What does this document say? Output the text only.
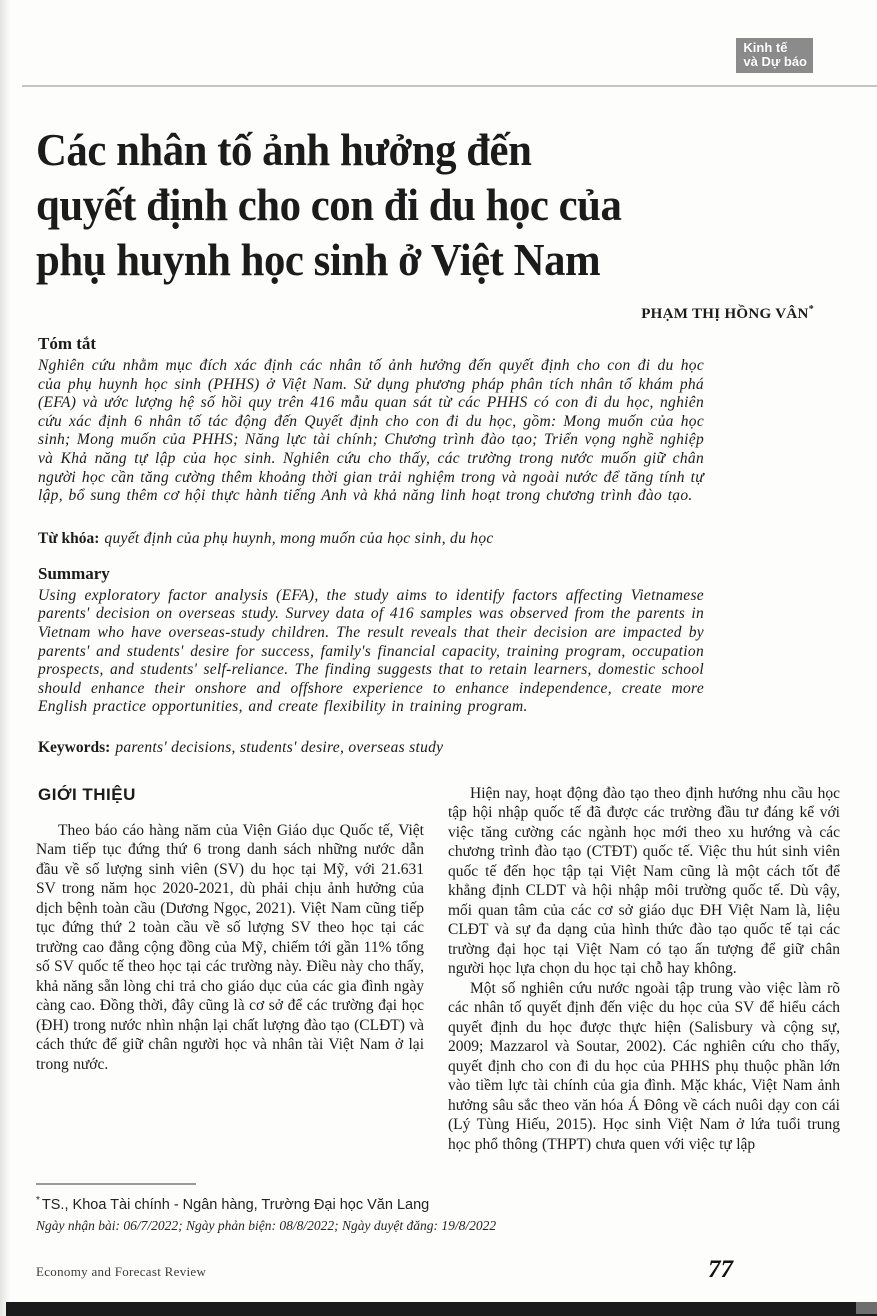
Kinh tế
và Dự báo
Các nhân tố ảnh hưởng đến
quyết định cho con đi du học của
phụ huynh học sinh ở Việt Nam
PHẠM THỊ HỒNG VÂN*
Tóm tắt

Nghiên cứu nhằm mục đích xác định các nhân tố ảnh hưởng đến quyết định cho con đi du học của phụ huynh học sinh (PHHS) ở Việt Nam. Sử dụng phương pháp phân tích nhân tố khám phá (EFA) và ước lượng hệ số hồi quy trên 416 mẫu quan sát từ các PHHS có con đi du học, nghiên cứu xác định 6 nhân tố tác động đến Quyết định cho con đi du học, gồm: Mong muốn của học sinh; Mong muốn của PHHS; Năng lực tài chính; Chương trình đào tạo; Triển vọng nghề nghiệp và Khả năng tự lập của học sinh. Nghiên cứu cho thấy, các trường trong nước muốn giữ chân người học cần tăng cường thêm khoảng thời gian trải nghiệm trong và ngoài nước để tăng tính tự lập, bổ sung thêm cơ hội thực hành tiếng Anh và khả năng linh hoạt trong chương trình đào tạo.

Từ khóa: quyết định của phụ huynh, mong muốn của học sinh, du học

Summary

Using exploratory factor analysis (EFA), the study aims to identify factors affecting Vietnamese parents' decision on overseas study. Survey data of 416 samples was observed from the parents in Vietnam who have overseas-study children. The result reveals that their decision are impacted by parents' and students' desire for success, family's financial capacity, training program, occupation prospects, and students' self-reliance. The finding suggests that to retain learners, domestic school should enhance their onshore and offshore experience to enhance independence, create more English practice opportunities, and create flexibility in training program.

Keywords: parents' decisions, students' desire, overseas study

GIỚI THIỆU

Theo báo cáo hàng năm của Viện Giáo dục Quốc tế, Việt Nam tiếp tục đứng thứ 6 trong danh sách những nước dẫn đầu về số lượng sinh viên (SV) du học tại Mỹ, với 21.631 SV trong năm học 2020-2021, dù phải chịu ảnh hưởng của dịch bệnh toàn cầu (Dương Ngọc, 2021). Việt Nam cũng tiếp tục đứng thứ 2 toàn cầu về số lượng SV theo học tại các trường cao đẳng cộng đồng của Mỹ, chiếm tới gần 11% tổng số SV quốc tế theo học tại các trường này. Điều này cho thấy, khả năng sẵn lòng chi trả cho giáo dục của các gia đình ngày càng cao. Đồng thời, đây cũng là cơ sở để các trường đại học (ĐH) trong nước nhìn nhận lại chất lượng đào tạo (CLĐT) và cách thức để giữ chân người học và nhân tài Việt Nam ở lại trong nước.

Hiện nay, hoạt động đào tạo theo định hướng nhu cầu học tập hội nhập quốc tế đã được các trường đầu tư đáng kể với việc tăng cường các ngành học mới theo xu hướng và các chương trình đào tạo (CTĐT) quốc tế. Việc thu hút sinh viên quốc tế đến học tập tại Việt Nam cũng là một cách tốt để khẳng định CLDT và hội nhập môi trường quốc tế. Dù vậy, mối quan tâm của các cơ sở giáo dục ĐH Việt Nam là, liệu CLĐT và sự đa dạng của hình thức đào tạo quốc tế tại các trường đại học tại Việt Nam có tạo ấn tượng để giữ chân người học lựa chọn du học tại chỗ hay không.

Một số nghiên cứu nước ngoài tập trung vào việc làm rõ các nhân tố quyết định đến việc du học của SV để hiểu cách quyết định du học được thực hiện (Salisbury và cộng sự, 2009; Mazzarol và Soutar, 2002). Các nghiên cứu cho thấy, quyết định cho con đi du học của PHHS phụ thuộc phần lớn vào tiềm lực tài chính của gia đình. Mặc khác, Việt Nam ảnh hưởng sâu sắc theo văn hóa Á Đông về cách nuôi dạy con cái (Lý Tùng Hiếu, 2015). Học sinh Việt Nam ở lứa tuổi trung học phổ thông (THPT) chưa quen với việc tự lập

* TS., Khoa Tài chính - Ngân hàng, Trường Đại học Văn Lang
Ngày nhận bài: 06/7/2022; Ngày phản biện: 08/8/2022; Ngày duyệt đăng: 19/8/2022
Economy and Forecast Review	77
